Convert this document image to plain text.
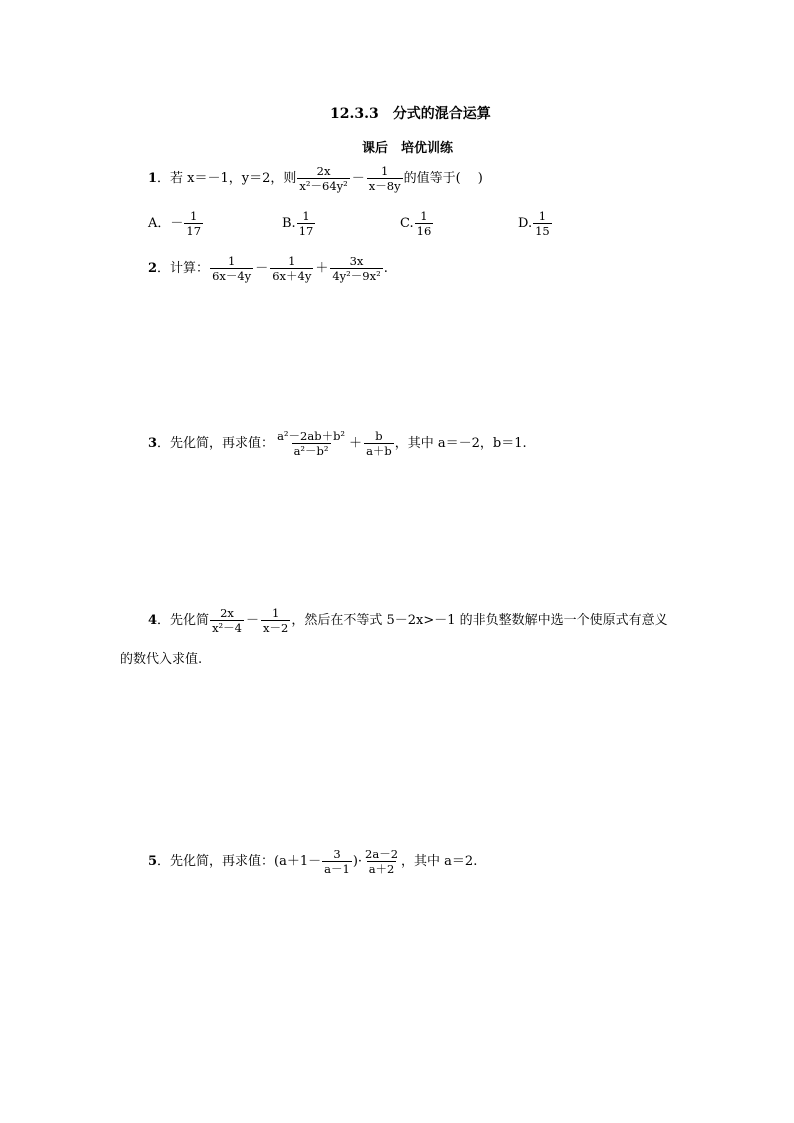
12.3.3　分式的混合运算
课后　培优训练
1 ．若 x＝－1，y＝2，则 $\frac{2x}{\text{x²－64y²}} - \frac{1}{x-8y}$ 的值等于(　 )
A．－ $\frac{1}{17}$	B. $\frac{1}{17}$	C. $\frac{1}{16}$	D. $\frac{1}{15}$
2 ．计算： $\frac{1}{6x-4y} - \frac{1}{6x+4y} + \frac{3x}{\text{4y²－9x²}}$ .
3 ．先化简，再求值： $\frac{\text{a²－2ab＋b²}}{\text{a²－b²}} + \frac{b}{a+b}$ ，其中 a＝－2，b＝1.
4 ．先化简 $\frac{2x}{\text{x²－4}} - \frac{1}{x-2}$ ，然后在不等式 5－2x>－1 的非负整数解中选一个使原式有意义
的数代入求值.
5 ．先化简，再求值：($a+1- \frac{3}{a-1}$ )· $\frac{2a-2}{a+2}$ ，其中 a＝2.
